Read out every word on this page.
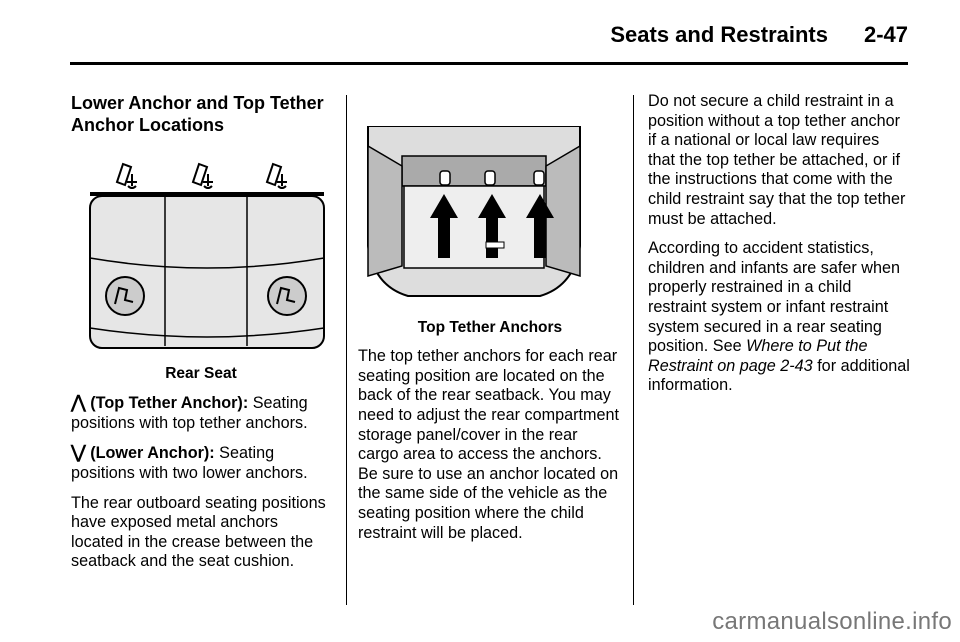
Seats and Restraints 2-47
Lower Anchor and Top Tether Anchor Locations
Rear Seat

⋀ (Top Tether Anchor): Seating positions with top tether anchors.

⋁ (Lower Anchor): Seating positions with two lower anchors.

The rear outboard seating positions have exposed metal anchors located in the crease between the seatback and the seat cushion.

Top Tether Anchors

The top tether anchors for each rear seating position are located on the back of the rear seatback. You may need to adjust the rear compartment storage panel/cover in the rear cargo area to access the anchors. Be sure to use an anchor located on the same side of the vehicle as the seating position where the child restraint will be placed.

Do not secure a child restraint in a position without a top tether anchor if a national or local law requires that the top tether be attached, or if the instructions that come with the child restraint say that the top tether must be attached.

According to accident statistics, children and infants are safer when properly restrained in a child restraint system or infant restraint system secured in a rear seating position. See Where to Put the Restraint on page 2-43 for additional information.

carmanualsonline.info
